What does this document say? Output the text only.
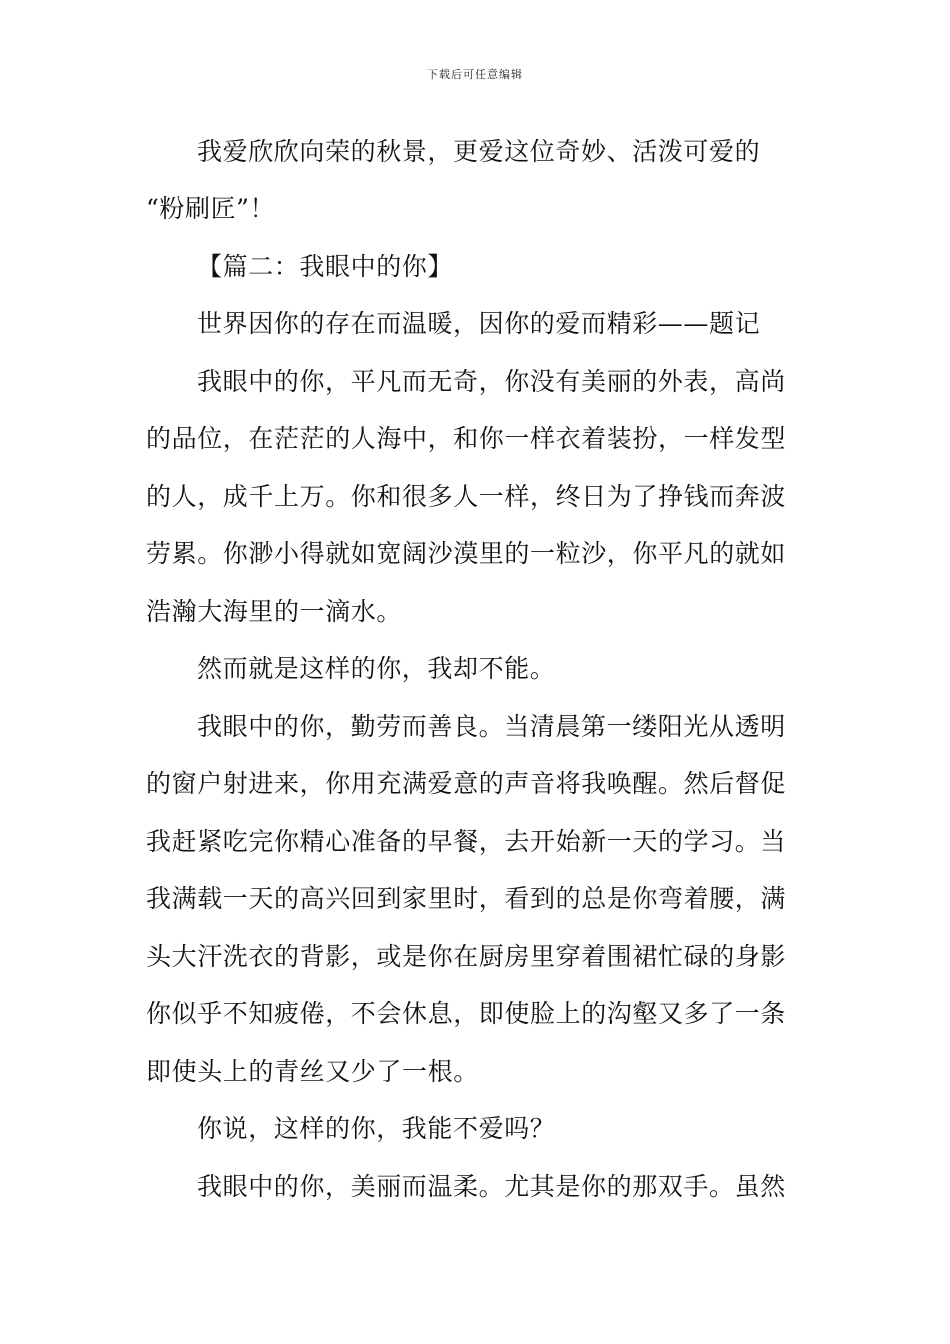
下载后可任意编辑
我爱欣欣向荣的秋景，更爱这位奇妙、活泼可爱的
“粉刷匠”！
【篇二：我眼中的你】
世界因你的存在而温暖，因你的爱而精彩——题记
我眼中的你，平凡而无奇，你没有美丽的外表，高尚
的品位，在茫茫的人海中，和你一样衣着装扮，一样发型
的人，成千上万。你和很多人一样，终日为了挣钱而奔波
劳累。你渺小得就如宽阔沙漠里的一粒沙，你平凡的就如
浩瀚大海里的一滴水。
然而就是这样的你，我却不能。
我眼中的你，勤劳而善良。当清晨第一缕阳光从透明
的窗户射进来，你用充满爱意的声音将我唤醒。然后督促
我赶紧吃完你精心准备的早餐，去开始新一天的学习。当
我满载一天的高兴回到家里时，看到的总是你弯着腰，满
头大汗洗衣的背影，或是你在厨房里穿着围裙忙碌的身影
你似乎不知疲倦，不会休息，即使脸上的沟壑又多了一条
即使头上的青丝又少了一根。
你说，这样的你，我能不爱吗？
我眼中的你，美丽而温柔。尤其是你的那双手。虽然
